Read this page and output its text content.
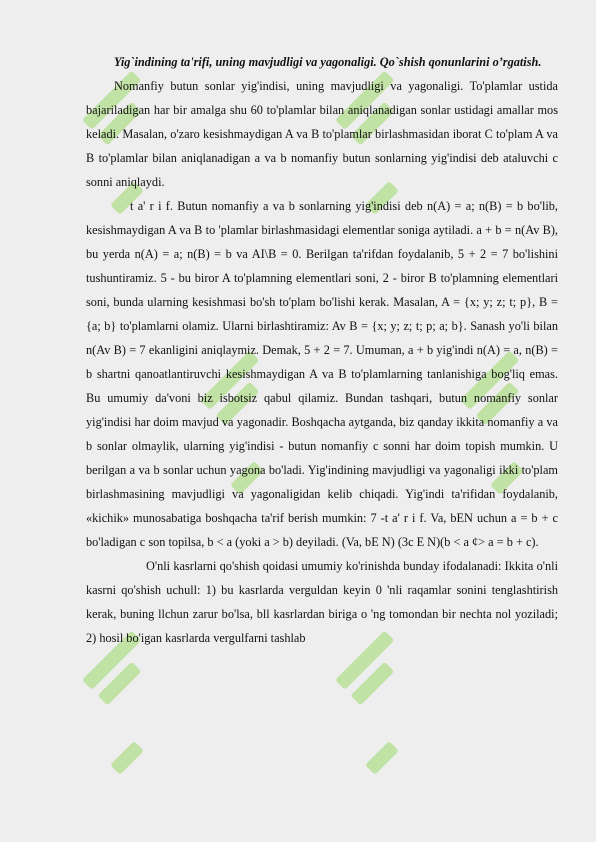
Yig`indining ta'rifi, uning mavjudligi va yagonaligi. Qo`shish qonunlarini o’rgatish.

Nomanfiy butun sonlar yig'indisi, uning mavjudligi va yagonaligi. To'plamlar ustida bajariladigan har bir amalga shu 60 to'plamlar bilan aniqlanadigan sonlar ustidagi amallar mos keladi. Masalan, o'zaro kesishmaydigan A va B to'plamlar birlashmasidan iborat C to'plam A va B to'plamlar bilan aniqlanadigan a va b nomanfiy butun sonlarning yig'indisi deb ataluvchi c sonni aniqlaydi.

t a' r i f. Butun nomanfiy a va b sonlarning yig'indisi deb n(A) = a; n(B) = b bo'lib, kesishmaydigan A va B to 'plamlar birlashmasidagi elementlar soniga aytiladi. a + b = n(Av B), bu yerda n(A) = a; n(B) = b va AI\B = 0. Berilgan ta'rifdan foydalanib, 5 + 2 = 7 bo'lishini tushuntiramiz. 5 - bu biror A to'plamning elementlari soni, 2 - biror B to'plamning elementlari soni, bunda ularning kesishmasi bo'sh to'plam bo'lishi kerak. Masalan, A = {x; y; z; t; p}, B = {a; b} to'plamlarni olamiz. Ularni birlashtiramiz: Av B = {x; y; z; t; p; a; b}. Sanash yo'li bilan n(Av B) = 7 ekanligini aniqlaymiz. Demak, 5 + 2 = 7. Umuman, a + b yig'indi n(A) = a, n(B) = b shartni qanoatlantiruvchi kesishmaydigan A va B to'plamlarning tanlanishiga bog'liq emas. Bu umumiy da'voni biz isbotsiz qabul qilamiz. Bundan tashqari, butun nomanfiy sonlar yig'indisi har doim mavjud va yagonadir. Boshqacha aytganda, biz qanday ikkita nomanfiy a va b sonlar olmaylik, ularning yig'indisi - butun nomanfiy c sonni har doim topish mumkin. U berilgan a va b sonlar uchun yagona bo'ladi. Yig'indining mavjudligi va yagonaligi ikki to'plam birlashmasining mavjudligi va yagonaligidan kelib chiqadi. Yig'indi ta'rifidan foydalanib, «kichik» munosabatiga boshqacha ta'rif berish mumkin: 7 -t a' r i f. Va, bEN uchun a = b + c bo'ladigan c son topilsa, b < a (yoki a > b) deyiladi. (Va, bE N) (3c E N)(b < a ¢> a = b + c).

O'nli kasrlarni qo'shish qoidasi umumiy ko'rinishda bunday ifodalanadi: Ikkita o'nli kasrni qo'shish uchull: 1) bu kasrlarda verguldan keyin 0 'nli raqamlar sonini tenglashtirish kerak, buning llchun zarur bo'lsa, bll kasrlardan biriga o 'ng tomondan bir nechta nol yoziladi; 2) hosil bo'igan kasrlarda vergulfarni tashlab
